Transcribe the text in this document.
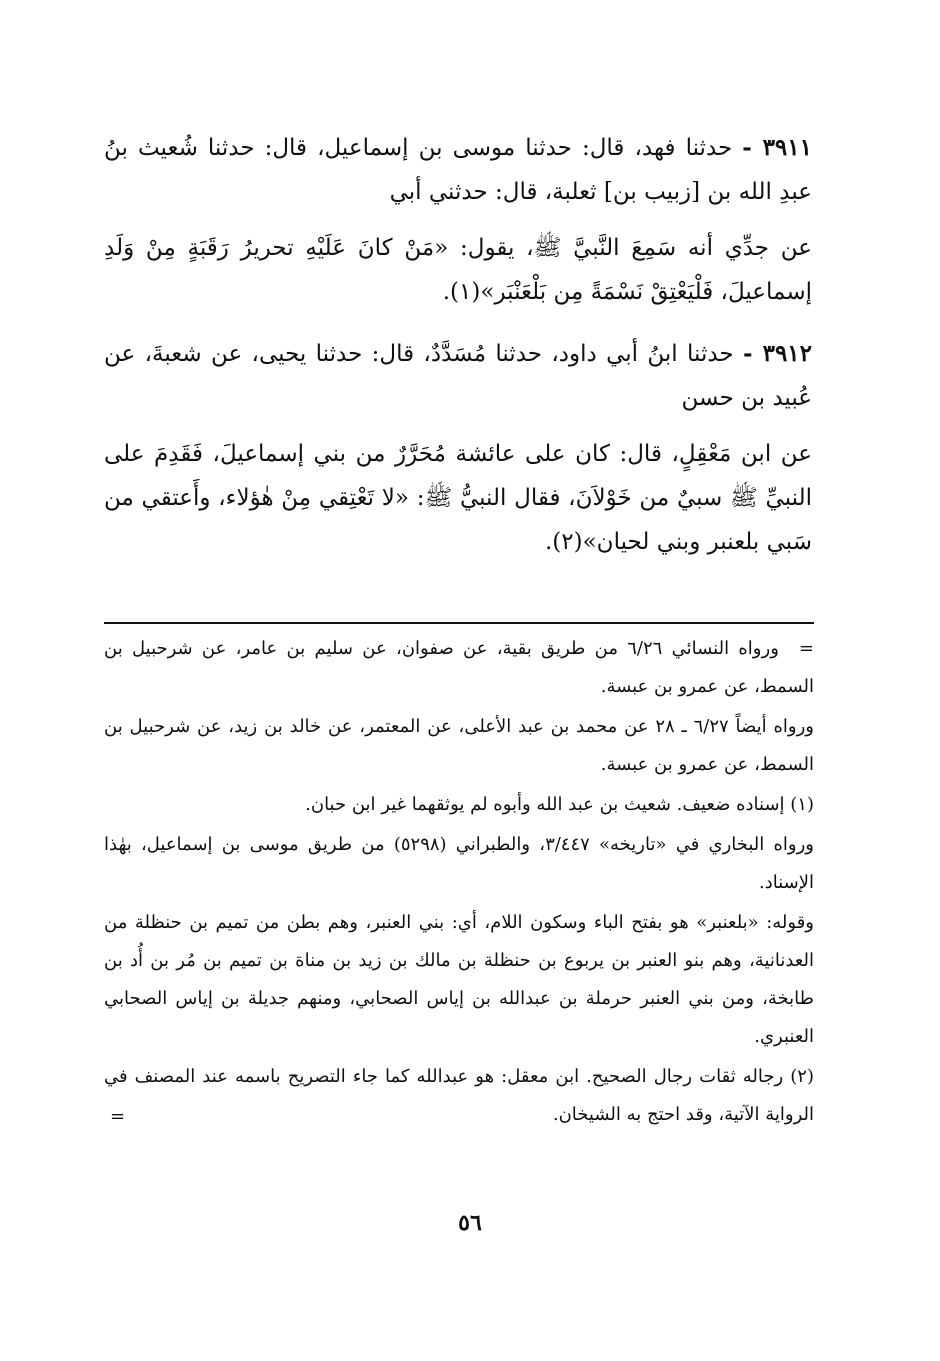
٣٩١١ - حدثنا فهد، قال: حدثنا موسى بن إسماعيل، قال: حدثنا شُعيث بنُ عبدِ الله بن [زبيب بن] ثعلبة، قال: حدثني أبي

عن جدِّي أنه سَمِعَ النَّبيَّ ﷺ، يقول: «مَنْ كانَ عَلَيْهِ تحريرُ رَقَبَةٍ مِنْ وَلَدِ إسماعيلَ، فَلْيَعْتِقْ نَسْمَةً مِن بَلْعَنْبَر»(١).

٣٩١٢ - حدثنا ابنُ أبي داود، حدثنا مُسَدَّدٌ، قال: حدثنا يحيى، عن شعبةَ، عن عُبيد بن حسن

عن ابن مَعْقِلٍ، قال: كان على عائشة مُحَرَّرٌ من بني إسماعيلَ، فَقَدِمَ على النبيِّ ﷺ سبيٌ من خَوْلاَنَ، فقال النبيُّ ﷺ: «لا تَعْتِقي مِنْ هٰؤلاء، وأَعتقي من سَبي بلعنبر وبني لحيان»(٢).

=ورواه النسائي ٦/٢٦ من طريق بقية، عن صفوان، عن سليم بن عامر، عن شرحبيل بن السمط، عن عمرو بن عبسة.

ورواه أيضاً ٦/٢٧ ـ ٢٨ عن محمد بن عبد الأعلى، عن المعتمر، عن خالد بن زيد، عن شرحبيل بن السمط، عن عمرو بن عبسة.

(١) إسناده ضعيف. شعيث بن عبد الله وأبوه لم يوثقهما غير ابن حبان.

ورواه البخاري في «تاريخه» ٣/٤٤٧، والطبراني (٥٢٩٨) من طريق موسى بن إسماعيل، بهٰذا الإسناد.

وقوله: «بلعنبر» هو بفتح الباء وسكون اللام، أي: بني العنبر، وهم بطن من تميم بن حنظلة من العدنانية، وهم بنو العنبر بن يربوع بن حنظلة بن مالك بن زيد بن مناة بن تميم بن مُر بن أُد بن طابخة، ومن بني العنبر حرملة بن عبدالله بن إياس الصحابي، ومنهم جديلة بن إياس الصحابي العنبري.

(٢) رجاله ثقات رجال الصحيح. ابن معقل: هو عبدالله كما جاء التصريح باسمه عند المصنف في الرواية الآتية، وقد احتج به الشيخان.

=
٥٦
